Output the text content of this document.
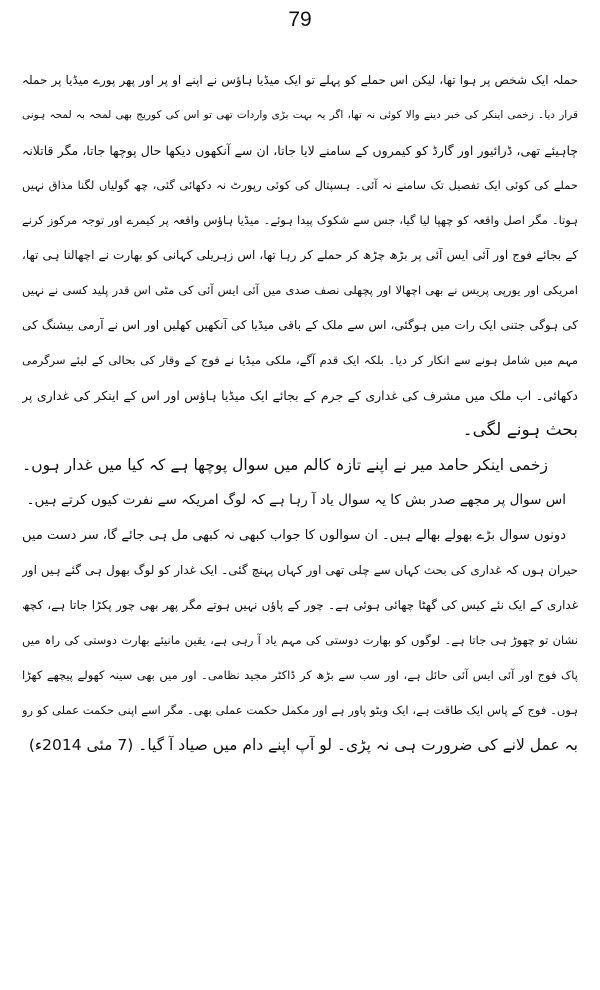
79
حملہ ایک شخص پر ہوا تھا، لیکن اس حملے کو پہلے تو ایک میڈیا ہاؤس نے اپنے او پر اور پھر پورے میڈیا پر حملہ
قرار دیا۔ زخمی اینکر کی خبر دینے والا کوئی نہ تھا، اگر یہ بہت بڑی واردات تھی تو اس کی کوریج بھی لمحہ بہ لمحہ ہونی
چاہیئے تھی، ڈرائیور اور گارڈ کو کیمروں کے سامنے لایا جاتا، ان سے آنکھوں دیکھا حال پوچھا جاتا، مگر قاتلانہ
حملے کی کوئی ایک تفصیل تک سامنے نہ آئی۔ ہسپتال کی کوئی رپورٹ نہ دکھائی گئی، چھ گولیاں لگنا مذاق نہیں
ہوتا۔ مگر اصل واقعہ کو چھپا لیا گیا، جس سے شکوک پیدا ہوئے۔ میڈیا ہاؤس واقعہ پر کیمرے اور توجہ مرکوز کرنے
کے بجائے فوج اور آئی ایس آئی پر بڑھ چڑھ کر حملے کر رہا تھا، اس زہریلی کہانی کو بھارت نے اچھالنا ہی تھا،
امریکی اور یورپی پریس نے بھی اچھالا اور پچھلی نصف صدی میں آئی ایس آئی کی مٹی اس قدر پلید کسی نے نہیں
کی ہوگی جتنی ایک رات میں ہوگئی، اس سے ملک کے باقی میڈیا کی آنکھیں کھلیں اور اس نے آرمی بیشنگ کی
مہم میں شامل ہونے سے انکار کر دیا۔ بلکہ ایک قدم آگے، ملکی میڈیا نے فوج کے وقار کی بحالی کے لیئے سرگرمی
دکھائی۔ اب ملک میں مشرف کی غداری کے جرم کے بجائے ایک میڈیا ہاؤس اور اس کے اینکر کی غداری پر
بحث ہونے لگی۔
زخمی اینکر حامد میر نے اپنے تازہ کالم میں سوال پوچھا ہے کہ کیا میں غدار ہوں۔
اس سوال پر مجھے صدر بش کا یہ سوال یاد آ رہا ہے کہ لوگ امریکہ سے نفرت کیوں کرتے ہیں۔
دونوں سوال بڑے بھولے بھالے ہیں۔ ان سوالوں کا جواب کبھی نہ کبھی مل ہی جائے گا، سر دست میں
حیران ہوں کہ غداری کی بحث کہاں سے چلی تھی اور کہاں پہنچ گئی۔ ایک غدار کو لوگ بھول ہی گئے ہیں اور
غداری کے ایک نئے کیس کی گھٹا چھائی ہوئی ہے۔ چور کے پاؤں نہیں ہوتے مگر پھر بھی چور پکڑا جاتا ہے، کچھ
نشان تو چھوڑ ہی جاتا ہے۔ لوگوں کو بھارت دوستی کی مہم یاد آ رہی ہے، یقین مانیئے بھارت دوستی کی راہ میں
پاک فوج اور آئی ایس آئی حائل ہے، اور سب سے بڑھ کر ڈاکٹر مجید نظامی۔ اور میں بھی سینہ کھولے پیچھے کھڑا
ہوں۔ فوج کے پاس ایک طاقت ہے، ایک ویٹو پاور ہے اور مکمل حکمت عملی بھی۔ مگر اسے اپنی حکمت عملی کو رو
بہ عمل لانے کی ضرورت ہی نہ پڑی۔ لو آپ اپنے دام میں صیاد آ گیا۔ (7 مئی 2014ء)
